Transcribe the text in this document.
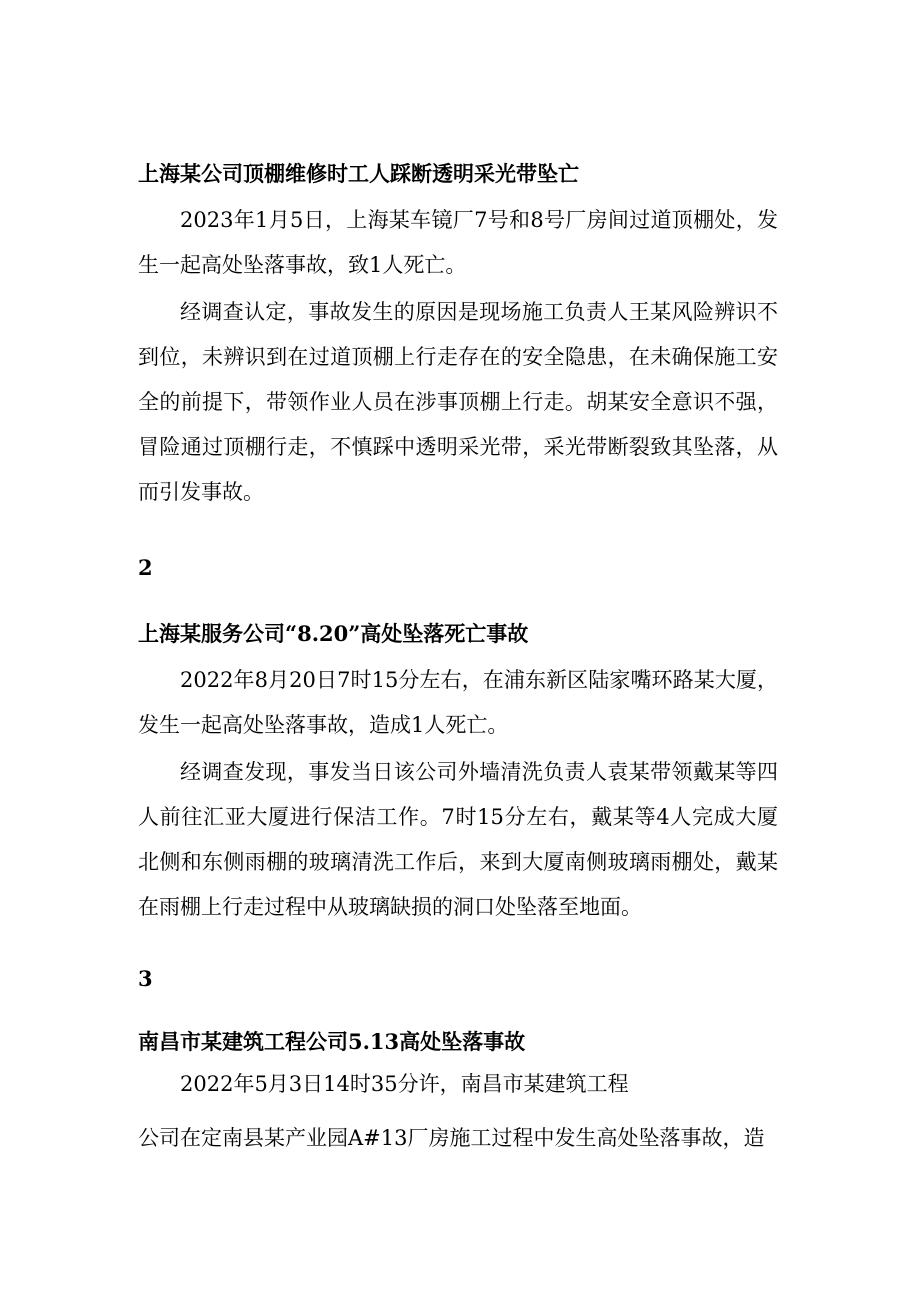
上海某公司顶棚维修时工人踩断透明采光带坠亡

2023年1月5日，上海某车镜厂7号和8号厂房间过道顶棚处，发生一起高处坠落事故，致1人死亡。

经调查认定，事故发生的原因是现场施工负责人王某风险辨识不到位，未辨识到在过道顶棚上行走存在的安全隐患，在未确保施工安全的前提下，带领作业人员在涉事顶棚上行走。胡某安全意识不强，冒险通过顶棚行走，不慎踩中透明采光带，采光带断裂致其坠落，从而引发事故。

2
上海某服务公司“8.20”高处坠落死亡事故

2022年8月20日7时15分左右，在浦东新区陆家嘴环路某大厦，发生一起高处坠落事故，造成1人死亡。

经调查发现，事发当日该公司外墙清洗负责人袁某带领戴某等四人前往汇亚大厦进行保洁工作。7时15分左右，戴某等4人完成大厦北侧和东侧雨棚的玻璃清洗工作后，来到大厦南侧玻璃雨棚处，戴某在雨棚上行走过程中从玻璃缺损的洞口处坠落至地面。

3
南昌市某建筑工程公司5.13高处坠落事故
2022年5月3日14时35分许，南昌市某建筑工程
公司在定南县某产业园A#13厂房施工过程中发生高处坠落事故，造
